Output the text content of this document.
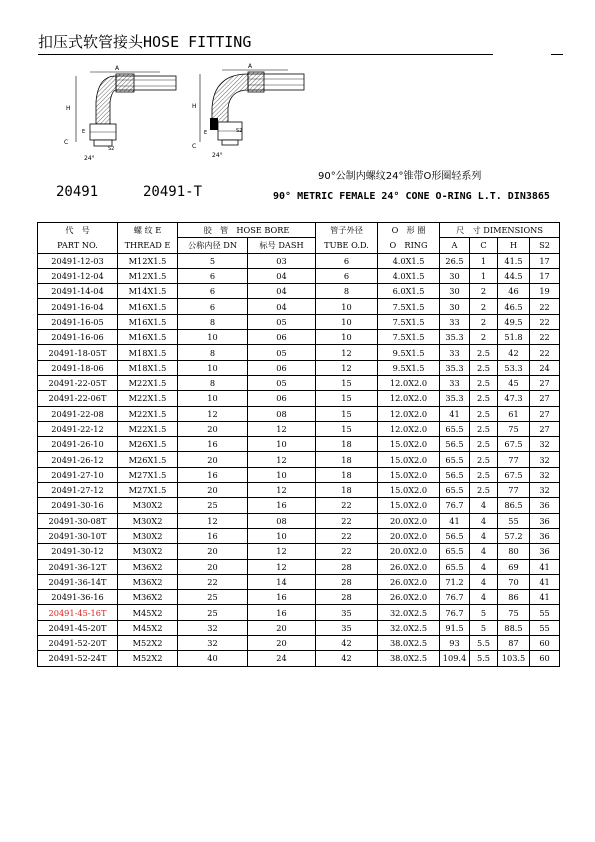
扣压式软管接头HOSE FITTING
A
H
C
E
S2
24°
A
H
C
E	S2
24°
90°公制内螺纹24°锥带O形圈轻系列
20491	20491-T	90° METRIC FEMALE 24° CONE O-RING L.T. DIN3865
代　号	螺 纹 E	胶　管　HOSE BORE		管子外径	O　形 圈	尺　寸 DIMENSIONS			
PART NO.	THREAD E	公称内径 DN	标号 DASH	TUBE O.D.	O　RING	A	C	H	S2
20491-12-03	M12X1.5	5	03	6	4.0X1.5	26.5	1	41.5	17
20491-12-04	M12X1.5	6	04	6	4.0X1.5	30	1	44.5	17
20491-14-04	M14X1.5	6	04	8	6.0X1.5	30	2	46	19
20491-16-04	M16X1.5	6	04	10	7.5X1.5	30	2	46.5	22
20491-16-05	M16X1.5	8	05	10	7.5X1.5	33	2	49.5	22
20491-16-06	M16X1.5	10	06	10	7.5X1.5	35.3	2	51.8	22
20491-18-05T	M18X1.5	8	05	12	9.5X1.5	33	2.5	42	22
20491-18-06	M18X1.5	10	06	12	9.5X1.5	35.3	2.5	53.3	24
20491-22-05T	M22X1.5	8	05	15	12.0X2.0	33	2.5	45	27
20491-22-06T	M22X1.5	10	06	15	12.0X2.0	35.3	2.5	47.3	27
20491-22-08	M22X1.5	12	08	15	12.0X2.0	41	2.5	61	27
20491-22-12	M22X1.5	20	12	15	12.0X2.0	65.5	2.5	75	27
20491-26-10	M26X1.5	16	10	18	15.0X2.0	56.5	2.5	67.5	32
20491-26-12	M26X1.5	20	12	18	15.0X2.0	65.5	2.5	77	32
20491-27-10	M27X1.5	16	10	18	15.0X2.0	56.5	2.5	67.5	32
20491-27-12	M27X1.5	20	12	18	15.0X2.0	65.5	2.5	77	32
20491-30-16	M30X2	25	16	22	15.0X2.0	76.7	4	86.5	36
20491-30-08T	M30X2	12	08	22	20.0X2.0	41	4	55	36
20491-30-10T	M30X2	16	10	22	20.0X2.0	56.5	4	57.2	36
20491-30-12	M30X2	20	12	22	20.0X2.0	65.5	4	80	36
20491-36-12T	M36X2	20	12	28	26.0X2.0	65.5	4	69	41
20491-36-14T	M36X2	22	14	28	26.0X2.0	71.2	4	70	41
20491-36-16	M36X2	25	16	28	26.0X2.0	76.7	4	86	41
20491-45-16T	M45X2	25	16	35	32.0X2.5	76.7	5	75	55
20491-45-20T	M45X2	32	20	35	32.0X2.5	91.5	5	88.5	55
20491-52-20T	M52X2	32	20	42	38.0X2.5	93	5.5	87	60
20491-52-24T	M52X2	40	24	42	38.0X2.5	109.4	5.5	103.5	60
